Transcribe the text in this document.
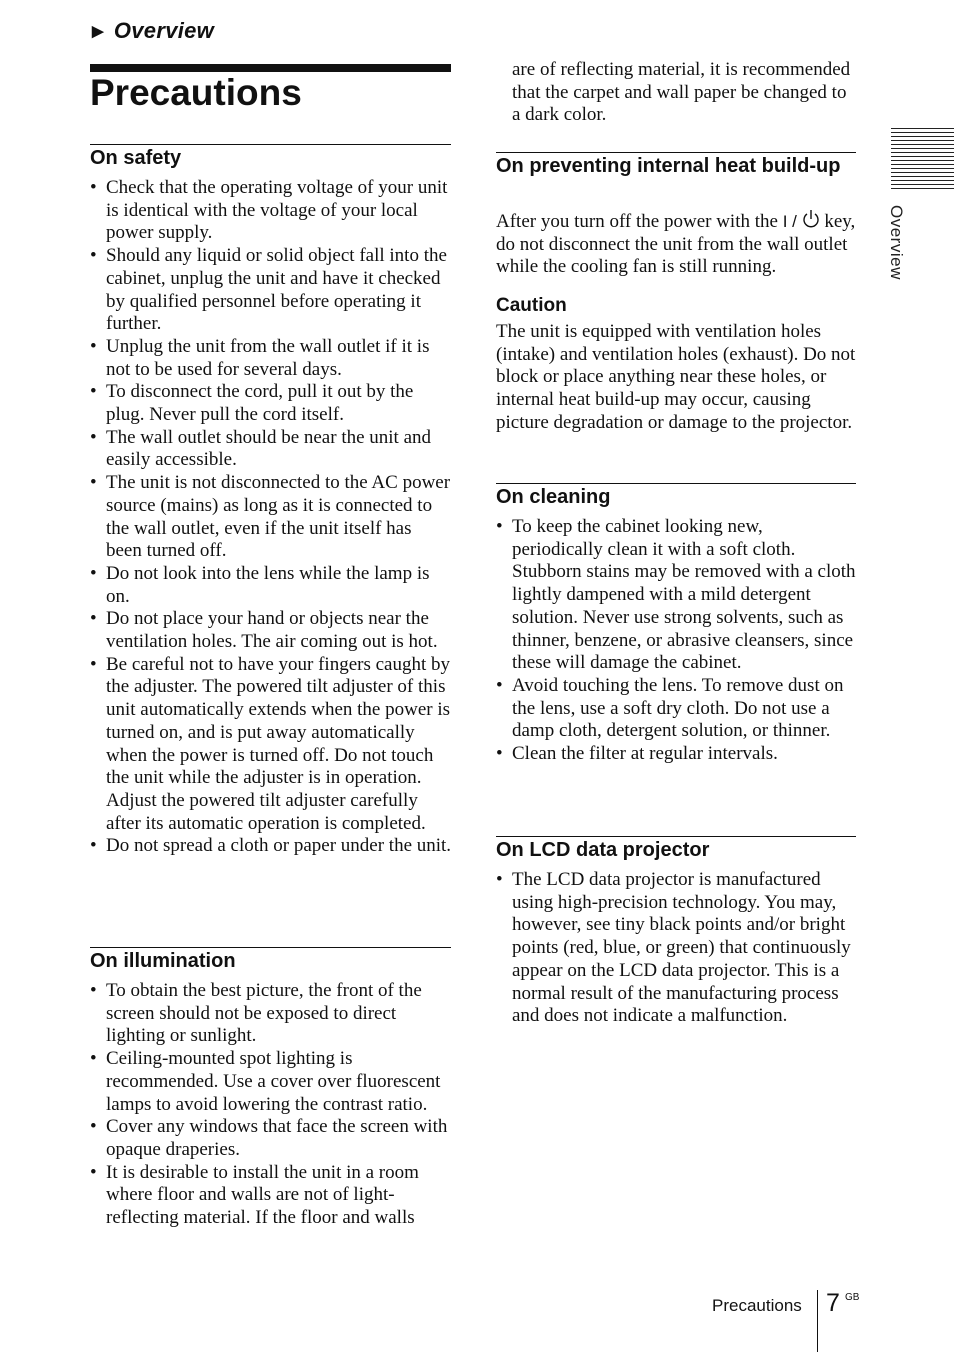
▶ Overview
Precautions
On safety
• Check that the operating voltage of your unit is identical with the voltage of your local power supply.
• Should any liquid or solid object fall into the cabinet, unplug the unit and have it checked by qualified personnel before operating it further.
• Unplug the unit from the wall outlet if it is not to be used for several days.
• To disconnect the cord, pull it out by the plug. Never pull the cord itself.
• The wall outlet should be near the unit and easily accessible.
• The unit is not disconnected to the AC power source (mains) as long as it is connected to the wall outlet, even if the unit itself has been turned off.
• Do not look into the lens while the lamp is on.
• Do not place your hand or objects near the ventilation holes. The air coming out is hot.
• Be careful not to have your fingers caught by the adjuster. The powered tilt adjuster of this unit automatically extends when the power is turned on, and is put away automatically when the power is turned off. Do not touch the unit while the adjuster is in operation. Adjust the powered tilt adjuster carefully after its automatic operation is completed.
• Do not spread a cloth or paper under the unit.
On illumination
• To obtain the best picture, the front of the screen should not be exposed to direct lighting or sunlight.
• Ceiling-mounted spot lighting is recommended. Use a cover over fluorescent lamps to avoid lowering the contrast ratio.
• Cover any windows that face the screen with opaque draperies.
• It is desirable to install the unit in a room where floor and walls are not of light-reflecting material. If the floor and walls

are of reflecting material, it is recommended that the carpet and wall paper be changed to a dark color.

On preventing internal heat build-up

After you turn off the power with the I /  key, do not disconnect the unit from the wall outlet while the cooling fan is still running.

Caution

The unit is equipped with ventilation holes (intake) and ventilation holes (exhaust). Do not block or place anything near these holes, or internal heat build-up may occur, causing picture degradation or damage to the projector.

On cleaning
• To keep the cabinet looking new, periodically clean it with a soft cloth. Stubborn stains may be removed with a cloth lightly dampened with a mild detergent solution. Never use strong solvents, such as thinner, benzene, or abrasive cleansers, since these will damage the cabinet.
• Avoid touching the lens. To remove dust on the lens, use a soft dry cloth. Do not use a damp cloth, detergent solution, or thinner.
• Clean the filter at regular intervals.
On LCD data projector
• The LCD data projector is manufactured using high-precision technology. You may, however, see tiny black points and/or bright points (red, blue, or green) that continuously appear on the LCD data projector. This is a normal result of the manufacturing process and does not indicate a malfunction.
Overview
Precautions 7 GB
